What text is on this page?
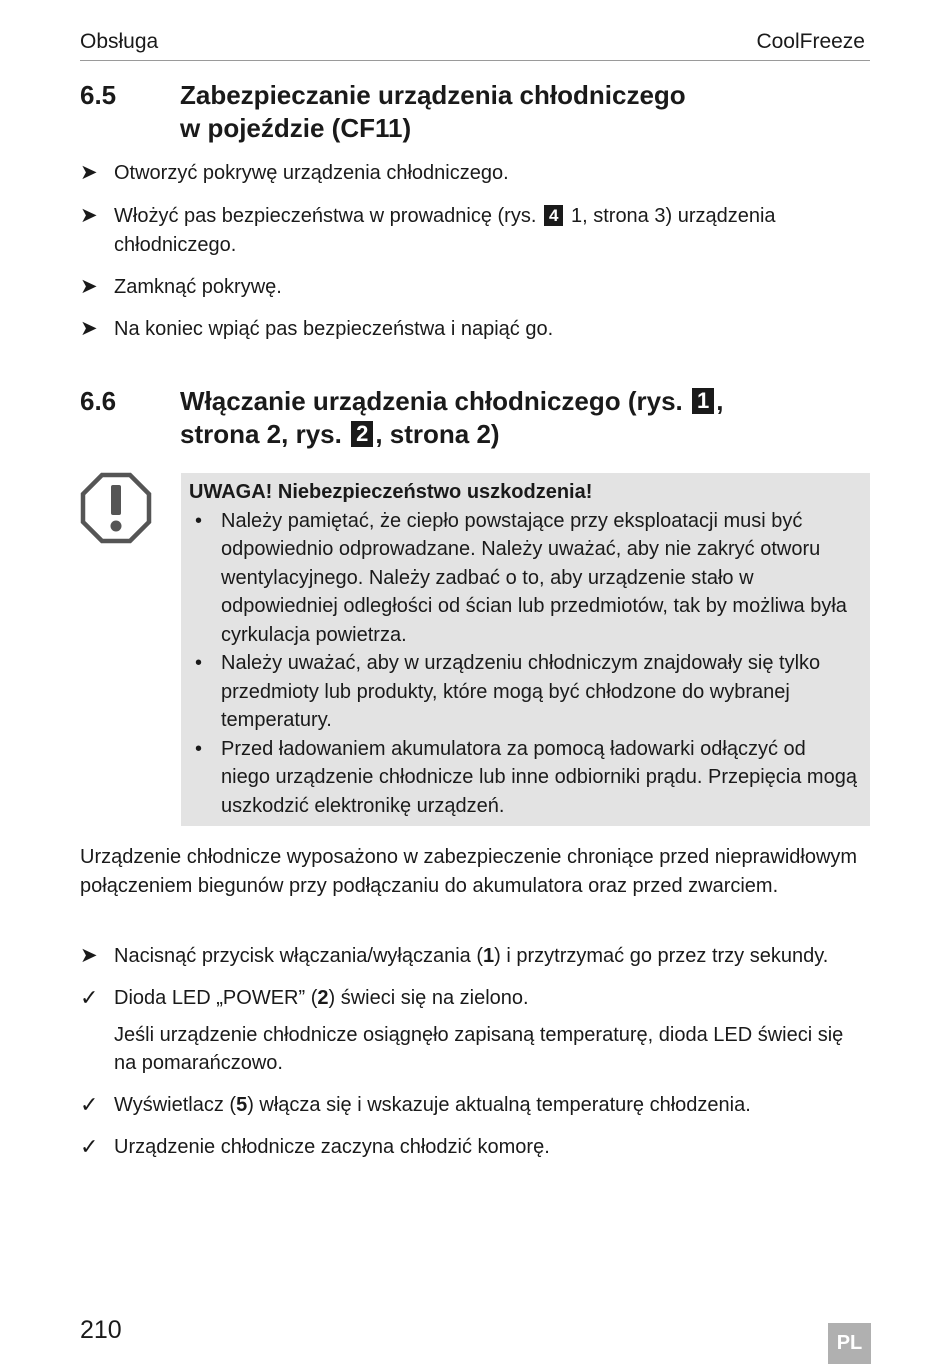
Obsługa	CoolFreeze
6.5 Zabezpieczanie urządzenia chłodniczego
w pojeździe (CF11)
➤ Otworzyć pokrywę urządzenia chłodniczego.
➤ Włożyć pas bezpieczeństwa w prowadnicę (rys. 4 1, strona 3) urządzenia chłodniczego.
➤ Zamknąć pokrywę.
➤ Na koniec wpiąć pas bezpieczeństwa i napiąć go.
6.6 Włączanie urządzenia chłodniczego (rys. 1 ,
strona 2, rys. 2 , strona 2)
UWAGA! Niebezpieczeństwo uszkodzenia!
• Należy pamiętać, że ciepło powstające przy eksploatacji musi być odpowiednio odprowadzane. Należy uważać, aby nie zakryć otworu wentylacyjnego. Należy zadbać o to, aby urządzenie stało w odpowiedniej odległości od ścian lub przedmiotów, tak by możliwa była cyrkulacja powietrza.
• Należy uważać, aby w urządzeniu chłodniczym znajdowały się tylko przedmioty lub produkty, które mogą być chłodzone do wybranej temperatury.
• Przed ładowaniem akumulatora za pomocą ładowarki odłączyć od niego urządzenie chłodnicze lub inne odbiorniki prądu. Przepięcia mogą uszkodzić elektronikę urządzeń.
Urządzenie chłodnicze wyposażono w zabezpieczenie chroniące przed nieprawidłowym połączeniem biegunów przy podłączaniu do akumulatora oraz przed zwarciem.
➤ Nacisnąć przycisk włączania/wyłączania (1) i przytrzymać go przez trzy sekundy.
✓ Dioda LED „POWER” (2) świeci się na zielono.
Jeśli urządzenie chłodnicze osiągnęło zapisaną temperaturę, dioda LED świeci się na pomarańczowo.
✓ Wyświetlacz (5) włącza się i wskazuje aktualną temperaturę chłodzenia.
✓ Urządzenie chłodnicze zaczyna chłodzić komorę.
210	PL
